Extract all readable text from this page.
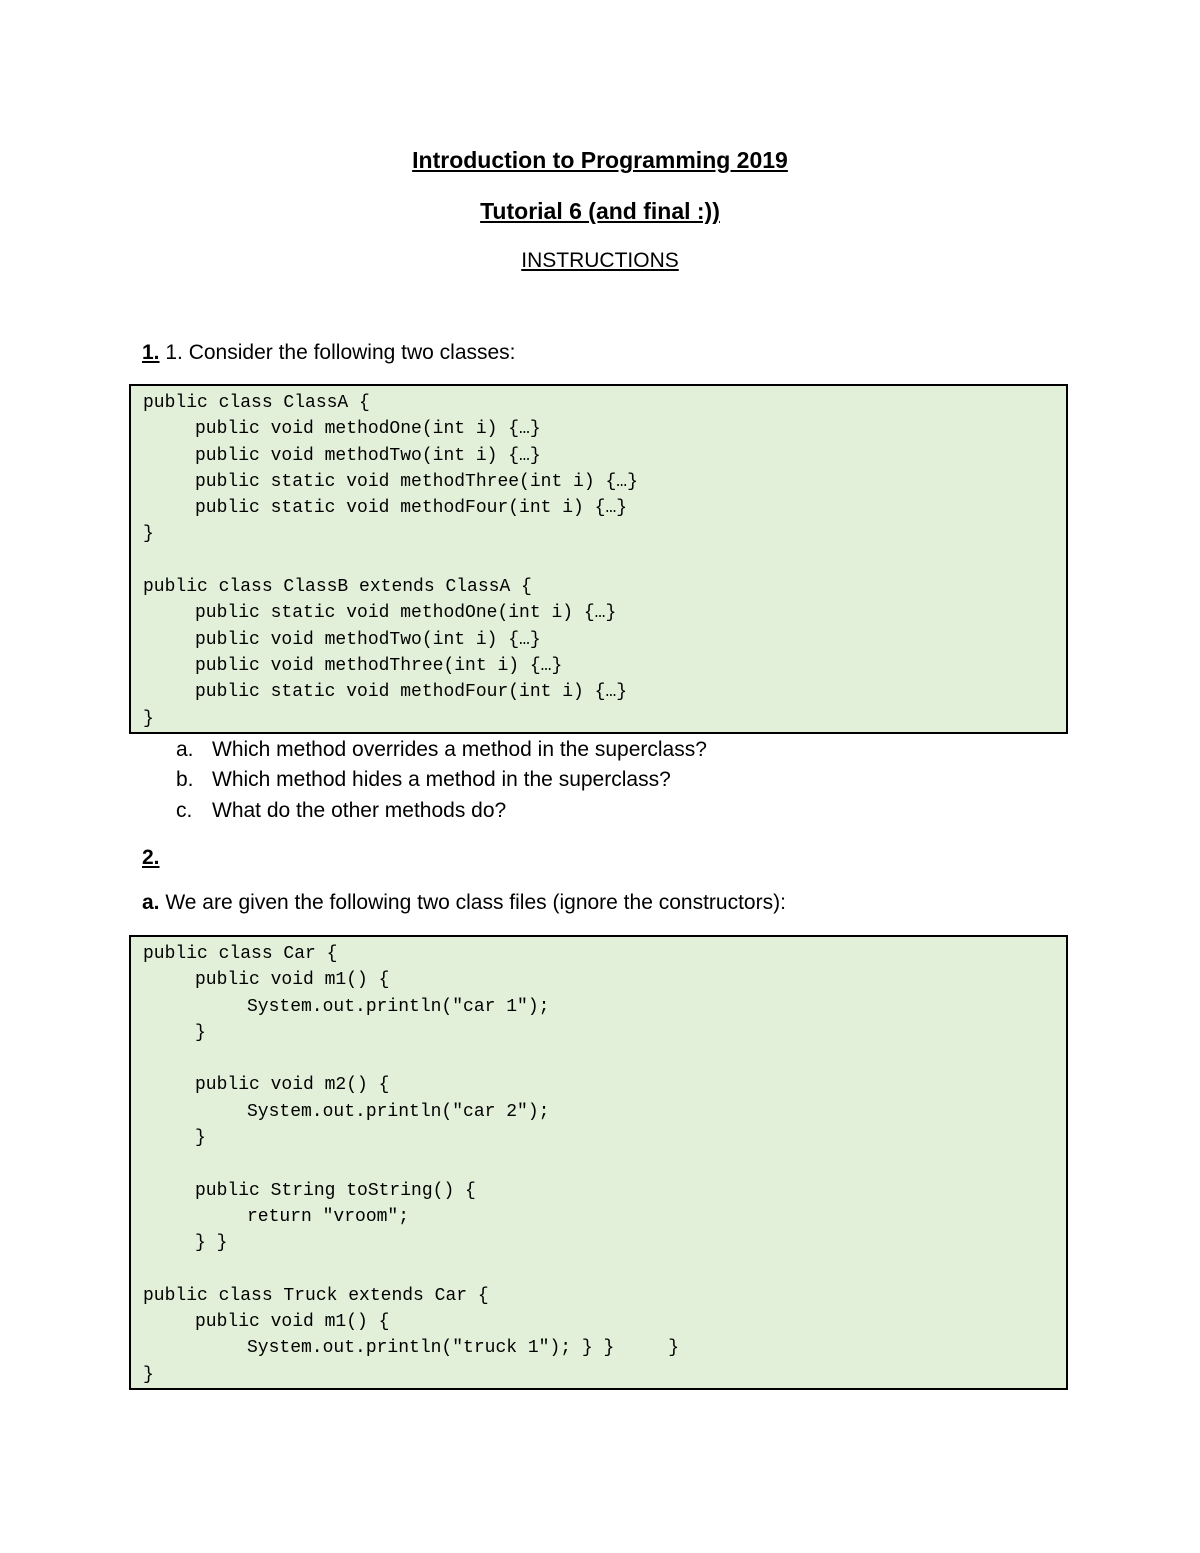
Introduction to Programming 2019
Tutorial 6 (and final :))
INSTRUCTIONS
1. 1. Consider the following two classes:
public class ClassA {
public void methodOne(int i) {…}
public void methodTwo(int i) {…}
public static void methodThree(int i) {…}
public static void methodFour(int i) {…}
}
public class ClassB extends ClassA {
public static void methodOne(int i) {…}
public void methodTwo(int i) {…}
public void methodThree(int i) {…}
public static void methodFour(int i) {…}
}
a. Which method overrides a method in the superclass?
b. Which method hides a method in the superclass?
c. What do the other methods do?
2.
a. We are given the following two class files (ignore the constructors):
public class Car {
public void m1() {
System.out.println("car 1");
}
public void m2() {
System.out.println("car 2");
}
public String toString() {
return "vroom";
} }
public class Truck extends Car {
public void m1() {
System.out.println("truck 1"); } }     }
}
